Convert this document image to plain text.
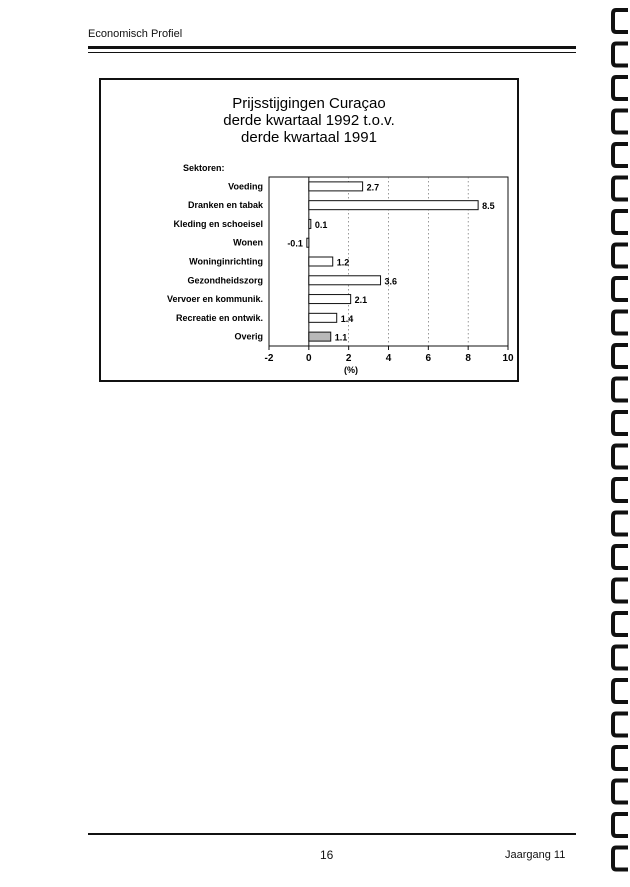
Economisch Profiel
Prijsstijgingen Curaçao
derde kwartaal 1992 t.o.v.
derde kwartaal 1991
Sektoren:
(%)
-2	0	2	4	6	8	10
Voeding	2.7
Dranken en tabak	8.5
Kleding en schoeisel	0.1
Wonen	-0.1
Woninginrichting	1.2
Gezondheidszorg	3.6
Vervoer en kommunik.	2.1
Recreatie en ontwik.	1.4
Overig	1.1
16	Jaargang 11
